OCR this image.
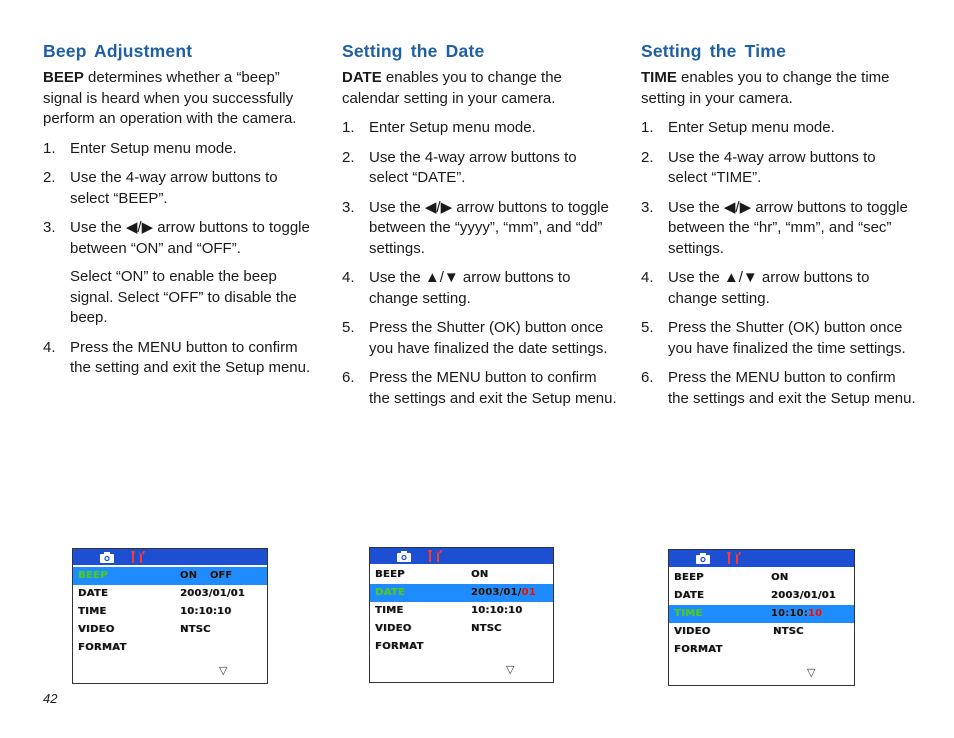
Beep Adjustment

BEEP determines whether a “beep” signal is heard when you successfully perform an operation with the camera.

1. Enter Setup menu mode.
2. Use the 4-way arrow buttons to select “BEEP”.
3. Use the ◀/▶ arrow buttons to toggle between “ON” and “OFF”.
Select “ON” to enable the beep signal. Select “OFF” to disable the beep.
4. Press the MENU button to confirm the setting and exit the Setup menu.
Setting the Date

DATE enables you to change the calendar setting in your camera.

1. Enter Setup menu mode.
2. Use the 4-way arrow buttons to select “DATE”.
3. Use the ◀/▶ arrow buttons to toggle between the “yyyy”, “mm”, and “dd” settings.
4. Use the ▲/▼ arrow buttons to change setting.
5. Press the Shutter (OK) button once you have finalized the date settings.
6. Press the MENU button to confirm the settings and exit the Setup menu.
Setting the Time

TIME enables you to change the time setting in your camera.

1. Enter Setup menu mode.
2. Use the 4-way arrow buttons to select “TIME”.
3. Use the ◀/▶ arrow buttons to toggle between the “hr”, “mm”, and “sec” settings.
4. Use the ▲/▼ arrow buttons to change setting.
5. Press the Shutter (OK) button once you have finalized the time settings.
6. Press the MENU button to confirm the settings and exit the Setup menu.
BEEP	ON OFF
DATE	2003/01/01
TIME	10:10:10
VIDEO	NTSC
FORMAT
▽
BEEP	ON
DATE	2003/01/01
TIME	10:10:10
VIDEO	NTSC
FORMAT
▽
BEEP	ON
DATE	2003/01/01
TIME	10:10:10
VIDEO	NTSC
FORMAT
▽
42
